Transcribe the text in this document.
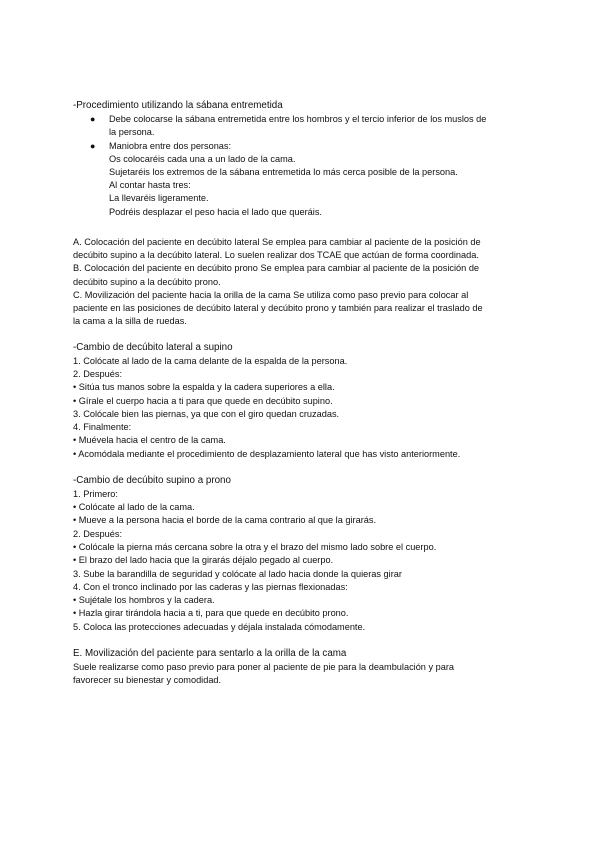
-Procedimiento utilizando la sábana entremetida
● Debe colocarse la sábana entremetida entre los hombros y el tercio inferior de los muslos de
la persona.
● Maniobra entre dos personas:
Os colocaréis cada una a un lado de la cama.
Sujetaréis los extremos de la sábana entremetida lo más cerca posible de la persona.
Al contar hasta tres:
La llevaréis ligeramente.
Podréis desplazar el peso hacia el lado que queráis.
A. Colocación del paciente en decúbito lateral Se emplea para cambiar al paciente de la posición de
decúbito supino a la decúbito lateral. Lo suelen realizar dos TCAE que actúan de forma coordinada.
B. Colocación del paciente en decúbito prono Se emplea para cambiar al paciente de la posición de
decúbito supino a la decúbito prono.
C. Movilización del paciente hacia la orilla de la cama Se utiliza como paso previo para colocar al
paciente en las posiciones de decúbito lateral y decúbito prono y también para realizar el traslado de
la cama a la silla de ruedas.
-Cambio de decúbito lateral a supino
1. Colócate al lado de la cama delante de la espalda de la persona.
2. Después:
• Sitúa tus manos sobre la espalda y la cadera superiores a ella.
• Gírale el cuerpo hacia a ti para que quede en decúbito supino.
3. Colócale bien las piernas, ya que con el giro quedan cruzadas.
4. Finalmente:
• Muévela hacia el centro de la cama.
• Acomódala mediante el procedimiento de desplazamiento lateral que has visto anteriormente.
-Cambio de decúbito supino a prono
1. Primero:
• Colócate al lado de la cama.
• Mueve a la persona hacia el borde de la cama contrario al que la girarás.
2. Después:
• Colócale la pierna más cercana sobre la otra y el brazo del mismo lado sobre el cuerpo.
• El brazo del lado hacia que la girarás déjalo pegado al cuerpo.
3. Sube la barandilla de seguridad y colócate al lado hacia donde la quieras girar
4. Con el tronco inclinado por las caderas y las piernas flexionadas:
• Sujétale los hombros y la cadera.
• Hazla girar tirándola hacia a ti, para que quede en decúbito prono.
5. Coloca las protecciones adecuadas y déjala instalada cómodamente.
E. Movilización del paciente para sentarlo a la orilla de la cama
Suele realizarse como paso previo para poner al paciente de pie para la deambulación y para
favorecer su bienestar y comodidad.
